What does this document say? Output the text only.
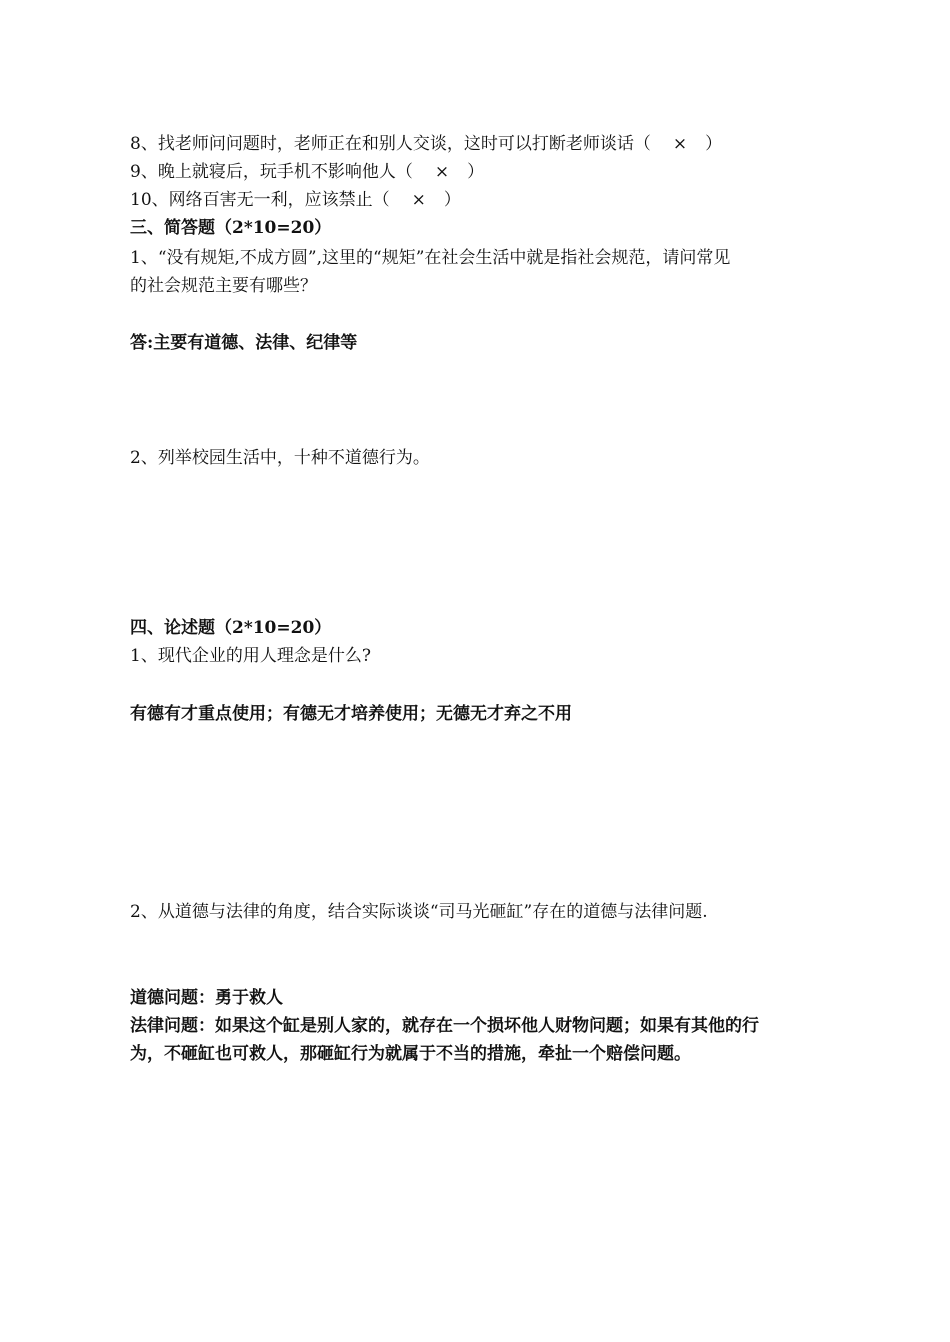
8、找老师问问题时，老师正在和别人交谈，这时可以打断老师谈话（ × ）
9、晚上就寝后，玩手机不影响他人（ × ）
10、网络百害无一利，应该禁止（ × ）
三、简答题（2*10=20）
1、“没有规矩,不成方圆”,这里的“规矩”在社会生活中就是指社会规范，请问常见
的社会规范主要有哪些？
答:主要有道德、法律、纪律等
2、列举校园生活中，十种不道德行为。
四、论述题（2*10=20）
1、现代企业的用人理念是什么?
有德有才重点使用；有德无才培养使用；无德无才弃之不用
2、从道德与法律的角度，结合实际谈谈“司马光砸缸”存在的道德与法律问题.
道德问题：勇于救人
法律问题：如果这个缸是别人家的，就存在一个损坏他人财物问题；如果有其他的行
为，不砸缸也可救人，那砸缸行为就属于不当的措施，牵扯一个赔偿问题。
